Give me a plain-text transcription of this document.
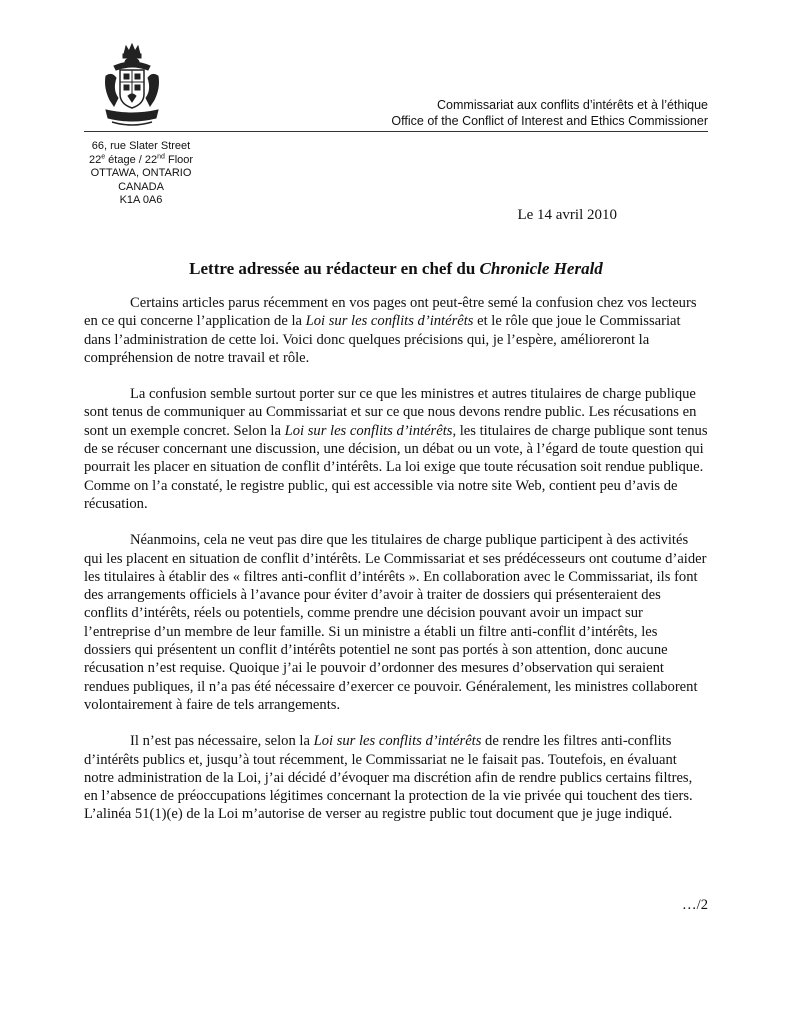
Commissariat aux conflits d’intérêts et à l’éthique
Office of the Conflict of Interest and Ethics Commissioner
66, rue Slater Street
22e étage / 22nd Floor
OTTAWA, ONTARIO
CANADA
K1A 0A6
Le 14 avril 2010
Lettre adressée au rédacteur en chef du Chronicle Herald

Certains articles parus récemment en vos pages ont peut-être semé la confusion chez vos lecteurs en ce qui concerne l’application de la Loi sur les conflits d’intérêts et le rôle que joue le Commissariat dans l’administration de cette loi. Voici donc quelques précisions qui, je l’espère, amélioreront la compréhension de notre travail et rôle.

La confusion semble surtout porter sur ce que les ministres et autres titulaires de charge publique sont tenus de communiquer au Commissariat et sur ce que nous devons rendre public. Les récusations en sont un exemple concret. Selon la Loi sur les conflits d’intérêts, les titulaires de charge publique sont tenus de se récuser concernant une discussion, une décision, un débat ou un vote, à l’égard de toute question qui pourrait les placer en situation de conflit d’intérêts. La loi exige que toute récusation soit rendue publique. Comme on l’a constaté, le registre public, qui est accessible via notre site Web, contient peu d’avis de récusation.

Néanmoins, cela ne veut pas dire que les titulaires de charge publique participent à des activités qui les placent en situation de conflit d’intérêts. Le Commissariat et ses prédécesseurs ont coutume d’aider les titulaires à établir des « filtres anti-conflit d’intérêts ». En collaboration avec le Commissariat, ils font des arrangements officiels à l’avance pour éviter d’avoir à traiter de dossiers qui présenteraient des conflits d’intérêts, réels ou potentiels, comme prendre une décision pouvant avoir un impact sur l’entreprise d’un membre de leur famille. Si un ministre a établi un filtre anti-conflit d’intérêts, les dossiers qui présentent un conflit d’intérêts potentiel ne sont pas portés à son attention, donc aucune récusation n’est requise. Quoique j’ai le pouvoir d’ordonner des mesures d’observation qui seraient rendues publiques, il n’a pas été nécessaire d’exercer ce pouvoir. Généralement, les ministres collaborent volontairement à faire de tels arrangements.

Il n’est pas nécessaire, selon la Loi sur les conflits d’intérêts de rendre les filtres anti-conflits d’intérêts publics et, jusqu’à tout récemment, le Commissariat ne le faisait pas. Toutefois, en évaluant notre administration de la Loi, j’ai décidé d’évoquer ma discrétion afin de rendre publics certains filtres, en l’absence de préoccupations légitimes concernant la protection de la vie privée qui touchent des tiers. L’alinéa 51(1)(e) de la Loi m’autorise de verser au registre public tout document que je juge indiqué.

…/2
